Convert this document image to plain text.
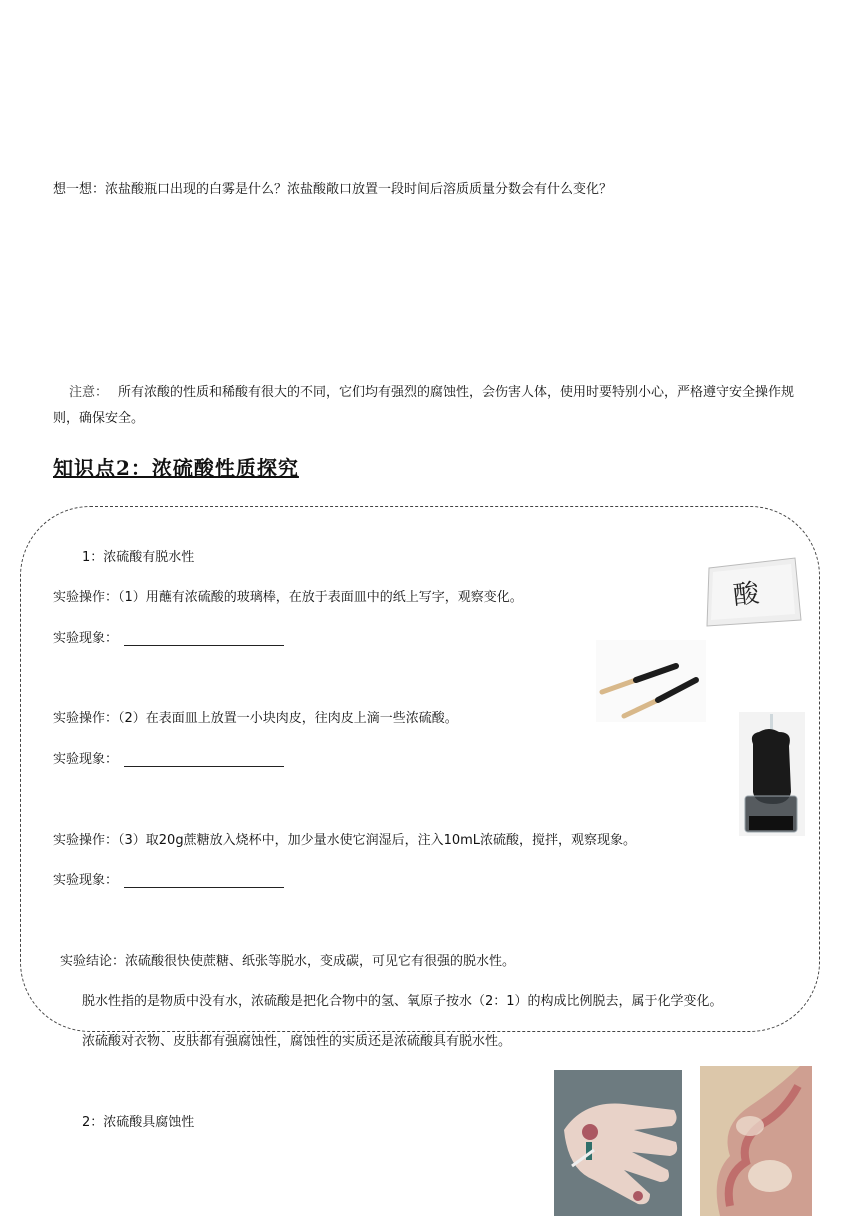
想一想：浓盐酸瓶口出现的白雾是什么？浓盐酸敞口放置一段时间后溶质质量分数会有什么变化？
注意： 所有浓酸的性质和稀酸有很大的不同，它们均有强烈的腐蚀性，会伤害人体，使用时要特别小心，严格遵守安全操作规则，确保安全。
知识点2：浓硫酸性质探究
1：浓硫酸有脱水性
实验操作：（1）用蘸有浓硫酸的玻璃棒，在放于表面皿中的纸上写字，观察变化。
实验现象：
实验操作：（2）在表面皿上放置一小块肉皮，往肉皮上滴一些浓硫酸。
实验现象：
实验操作：（3）取20g蔗糖放入烧杯中，加少量水使它润湿后，注入10mL浓硫酸，搅拌，观察现象。
实验现象：
实验结论：浓硫酸很快使蔗糖、纸张等脱水，变成碳，可见它有很强的脱水性。
脱水性指的是物质中没有水，浓硫酸是把化合物中的氢、氧原子按水（2：1）的构成比例脱去，属于化学变化。
浓硫酸对衣物、皮肤都有强腐蚀性，腐蚀性的实质还是浓硫酸具有脱水性。
2：浓硫酸具腐蚀性
酸
